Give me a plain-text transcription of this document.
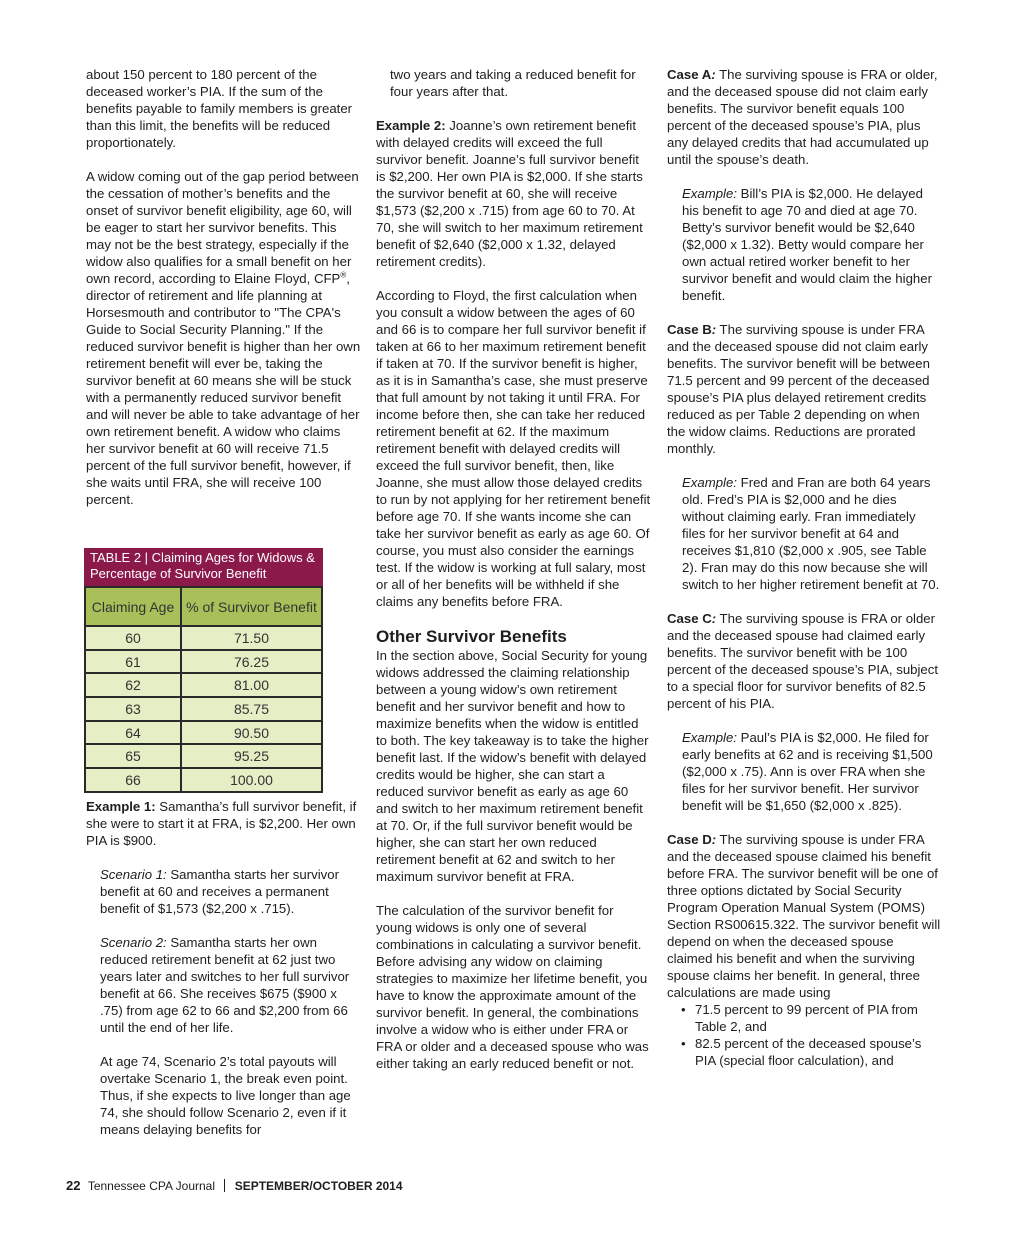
about 150 percent to 180 percent of the deceased worker’s PIA. If the sum of the benefits payable to family members is greater than this limit, the benefits will be reduced proportionately.

A widow coming out of the gap period between the cessation of mother’s benefits and the onset of survivor benefit eligibility, age 60, will be eager to start her survivor benefits. This may not be the best strategy, especially if the widow also qualifies for a small benefit on her own record, according to Elaine Floyd, CFP®, director of retirement and life planning at Horsesmouth and contributor to "The CPA's Guide to Social Security Planning." If the reduced survivor benefit is higher than her own retirement benefit will ever be, taking the survivor benefit at 60 means she will be stuck with a permanently reduced survivor benefit and will never be able to take advantage of her own retirement benefit. A widow who claims her survivor benefit at 60 will receive 71.5 percent of the full survivor benefit, however, if she waits until FRA, she will receive 100 percent.

TABLE 2 | Claiming Ages for Widows & Percentage of Survivor Benefit
Claiming Age	% of Survivor Benefit
60	71.50
61	76.25
62	81.00
63	85.75
64	90.50
65	95.25
66	100.00

Example 1: Samantha’s full survivor benefit, if she were to start it at FRA, is $2,200. Her own PIA is $900.

Scenario 1: Samantha starts her survivor benefit at 60 and receives a permanent benefit of $1,573 ($2,200 x .715).

Scenario 2: Samantha starts her own reduced retirement benefit at 62 just two years later and switches to her full survivor benefit at 66. She receives $675 ($900 x .75) from age 62 to 66 and $2,200 from 66 until the end of her life.

At age 74, Scenario 2’s total payouts will overtake Scenario 1, the break even point. Thus, if she expects to live longer than age 74, she should follow Scenario 2, even if it means delaying benefits for

two years and taking a reduced benefit for four years after that.

Example 2: Joanne’s own retirement benefit with delayed credits will exceed the full survivor benefit. Joanne’s full survivor benefit is $2,200. Her own PIA is $2,000. If she starts the survivor benefit at 60, she will receive $1,573 ($2,200 x .715) from age 60 to 70. At 70, she will switch to her maximum retirement benefit of $2,640 ($2,000 x 1.32, delayed retirement credits).

According to Floyd, the first calculation when you consult a widow between the ages of 60 and 66 is to compare her full survivor benefit if taken at 66 to her maximum retirement benefit if taken at 70. If the survivor benefit is higher, as it is in Samantha’s case, she must preserve that full amount by not taking it until FRA. For income before then, she can take her reduced retirement benefit at 62. If the maximum retirement benefit with delayed credits will exceed the full survivor benefit, then, like Joanne, she must allow those delayed credits to run by not applying for her retirement benefit before age 70. If she wants income she can take her survivor benefit as early as age 60. Of course, you must also consider the earnings test. If the widow is working at full salary, most or all of her benefits will be withheld if she claims any benefits before FRA.

Other Survivor Benefits

In the section above, Social Security for young widows addressed the claiming relationship between a young widow’s own retirement benefit and her survivor benefit and how to maximize benefits when the widow is entitled to both. The key takeaway is to take the higher benefit last. If the widow’s benefit with delayed credits would be higher, she can start a reduced survivor benefit as early as age 60 and switch to her maximum retirement benefit at 70. Or, if the full survivor benefit would be higher, she can start her own reduced retirement benefit at 62 and switch to her maximum survivor benefit at FRA.

The calculation of the survivor benefit for young widows is only one of several combinations in calculating a survivor benefit. Before advising any widow on claiming strategies to maximize her lifetime benefit, you have to know the approximate amount of the survivor benefit. In general, the combinations involve a widow who is either under FRA or FRA or older and a deceased spouse who was either taking an early reduced benefit or not.

Case A: The surviving spouse is FRA or older, and the deceased spouse did not claim early benefits. The survivor benefit equals 100 percent of the deceased spouse’s PIA, plus any delayed credits that had accumulated up until the spouse’s death.

Example: Bill’s PIA is $2,000. He delayed his benefit to age 70 and died at age 70. Betty’s survivor benefit would be $2,640 ($2,000 x 1.32). Betty would compare her own actual retired worker benefit to her survivor benefit and would claim the higher benefit.

Case B: The surviving spouse is under FRA and the deceased spouse did not claim early benefits. The survivor benefit will be between 71.5 percent and 99 percent of the deceased spouse’s PIA plus delayed retirement credits reduced as per Table 2 depending on when the widow claims. Reductions are prorated monthly.

Example: Fred and Fran are both 64 years old. Fred’s PIA is $2,000 and he dies without claiming early. Fran immediately files for her survivor benefit at 64 and receives $1,810 ($2,000 x .905, see Table 2). Fran may do this now because she will switch to her higher retirement benefit at 70.

Case C: The surviving spouse is FRA or older and the deceased spouse had claimed early benefits. The survivor benefit with be 100 percent of the deceased spouse’s PIA, subject to a special floor for survivor benefits of 82.5 percent of his PIA.

Example: Paul’s PIA is $2,000. He filed for early benefits at 62 and is receiving $1,500 ($2,000 x .75). Ann is over FRA when she files for her survivor benefit. Her survivor benefit will be $1,650 ($2,000 x .825).

Case D: The surviving spouse is under FRA and the deceased spouse claimed his benefit before FRA. The survivor benefit will be one of three options dictated by Social Security Program Operation Manual System (POMS) Section RS00615.322. The survivor benefit will depend on when the deceased spouse claimed his benefit and when the surviving spouse claims her benefit. In general, three calculations are made using

• 71.5 percent to 99 percent of PIA from Table 2, and
• 82.5 percent of the deceased spouse’s PIA (special floor calculation), and
22 Tennessee CPA Journal SEPTEMBER/OCTOBER 2014
